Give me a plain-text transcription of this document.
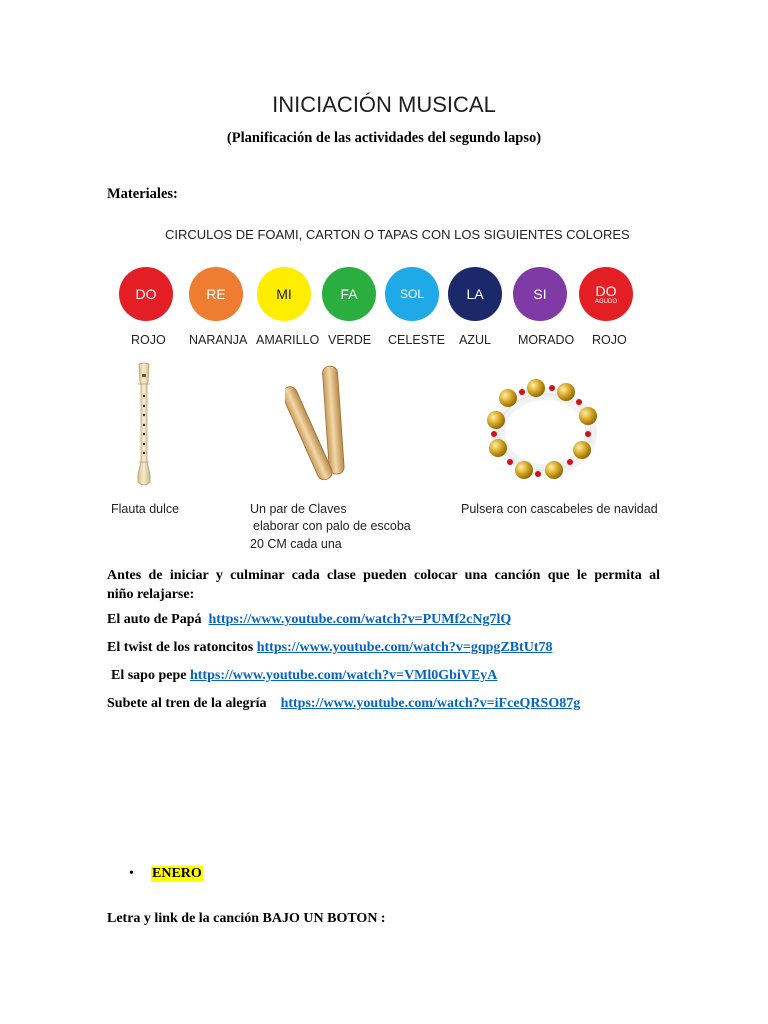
INICIACIÓN MUSICAL
(Planificación de las actividades del segundo lapso)
Materiales:
CIRCULOS DE FOAMI, CARTON O TAPAS CON LOS SIGUIENTES COLORES
DO	RE	MI	FA	SOL	LA	SI	DO
AGUDO
ROJO NARANJA AMARILLO VERDE CELESTE AZUL MORADO ROJO
Flauta dulce	Un par de Claves
elaborar con palo de escoba
20 CM cada una
Pulsera con cascabeles de navidad
Antes de iniciar y culminar cada clase pueden colocar una canción que le permita al
niño relajarse:
El auto de Papá https://www.youtube.com/watch?v=PUMf2cNg7lQ
El twist de los ratoncitos https://www.youtube.com/watch?v=gqpgZBtUt78
El sapo pepe https://www.youtube.com/watch?v=VMl0GbiVEyA
Subete al tren de la alegría https://www.youtube.com/watch?v=iFceQRSO87g
• ENERO
Letra y link de la canción BAJO UN BOTON :
